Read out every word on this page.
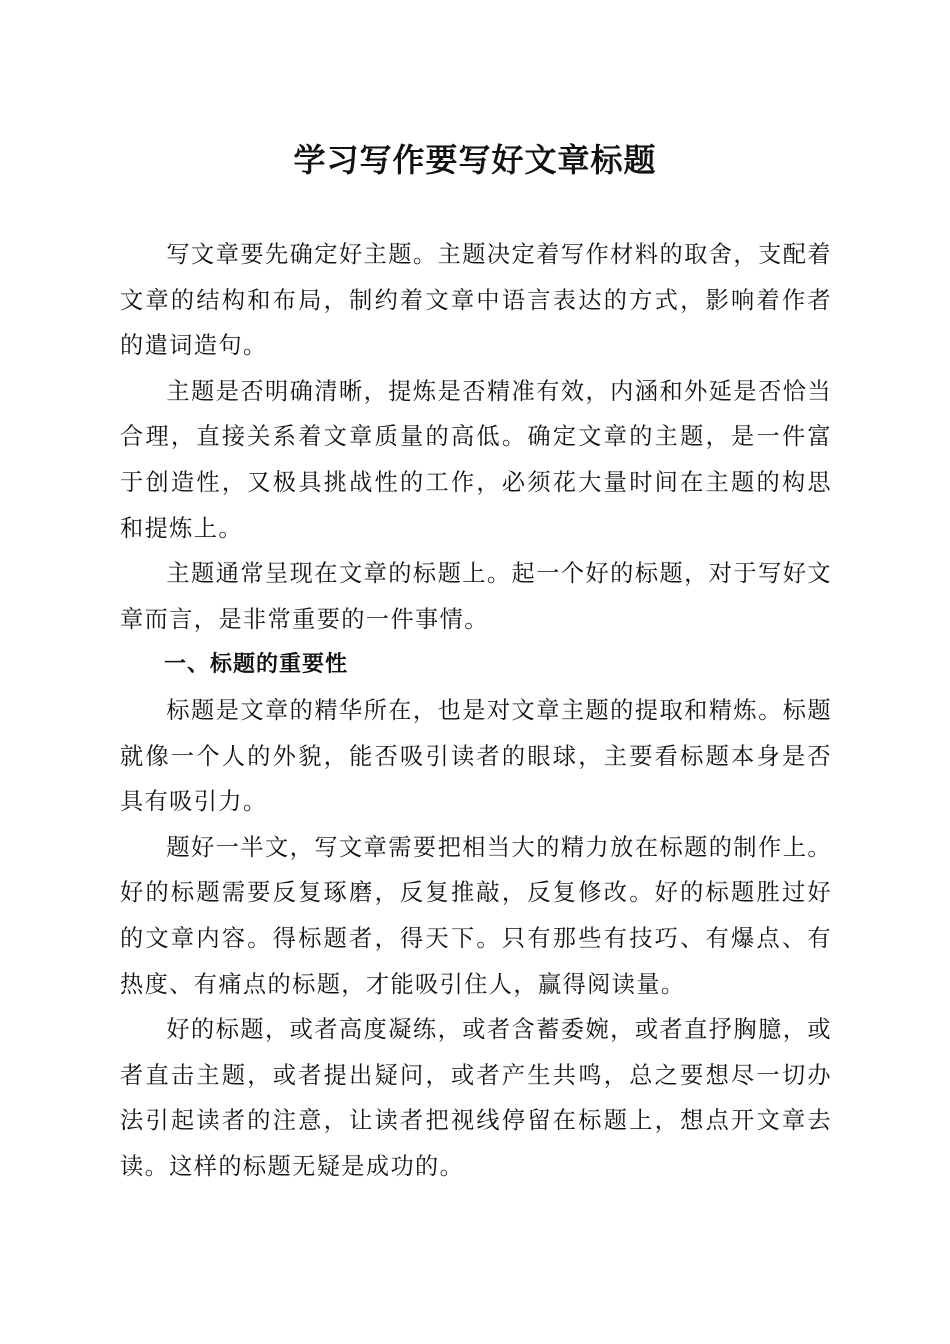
学习写作要写好文章标题

写文章要先确定好主题。主题决定着写作材料的取舍，支配着文章的结构和布局，制约着文章中语言表达的方式，影响着作者的遣词造句。

主题是否明确清晰，提炼是否精准有效，内涵和外延是否恰当合理，直接关系着文章质量的高低。确定文章的主题，是一件富于创造性，又极具挑战性的工作，必须花大量时间在主题的构思和提炼上。

主题通常呈现在文章的标题上。起一个好的标题，对于写好文章而言，是非常重要的一件事情。

一、标题的重要性

标题是文章的精华所在，也是对文章主题的提取和精炼。标题就像一个人的外貌，能否吸引读者的眼球，主要看标题本身是否具有吸引力。

题好一半文，写文章需要把相当大的精力放在标题的制作上。好的标题需要反复琢磨，反复推敲，反复修改。好的标题胜过好的文章内容。得标题者，得天下。只有那些有技巧、有爆点、有热度、有痛点的标题，才能吸引住人，赢得阅读量。

好的标题，或者高度凝练，或者含蓄委婉，或者直抒胸臆，或者直击主题，或者提出疑问，或者产生共鸣，总之要想尽一切办法引起读者的注意，让读者把视线停留在标题上，想点开文章去读。这样的标题无疑是成功的。
